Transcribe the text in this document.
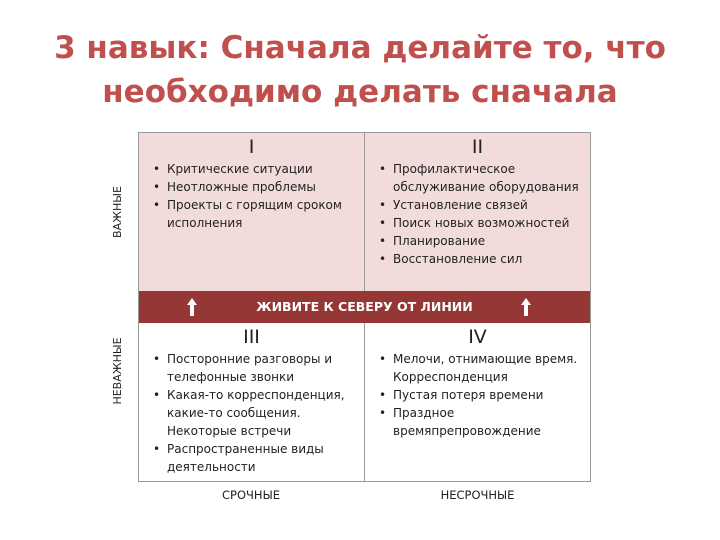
3 навык: Сначала делайте то, что
необходимо делать сначала
ВАЖНЫЕ
НЕВАЖНЫЕ
I
• Критические ситуации
• Неотложные проблемы
• Проекты с горящим сроком исполнения
II
• Профилактическое обслуживание оборудования
• Установление связей
• Поиск новых возможностей
• Планирование
• Восстановление сил
ЖИВИТЕ К СЕВЕРУ ОТ ЛИНИИ
III
• Посторонние разговоры и телефонные звонки
• Какая-то корреспонденция, какие-то сообщения. Некоторые встречи
• Распространенные виды деятельности
IV
• Мелочи, отнимающие время. Корреспонденция
• Пустая потеря времени
• Праздное времяпрепровождение
СРОЧНЫЕ	НЕСРОЧНЫЕ
